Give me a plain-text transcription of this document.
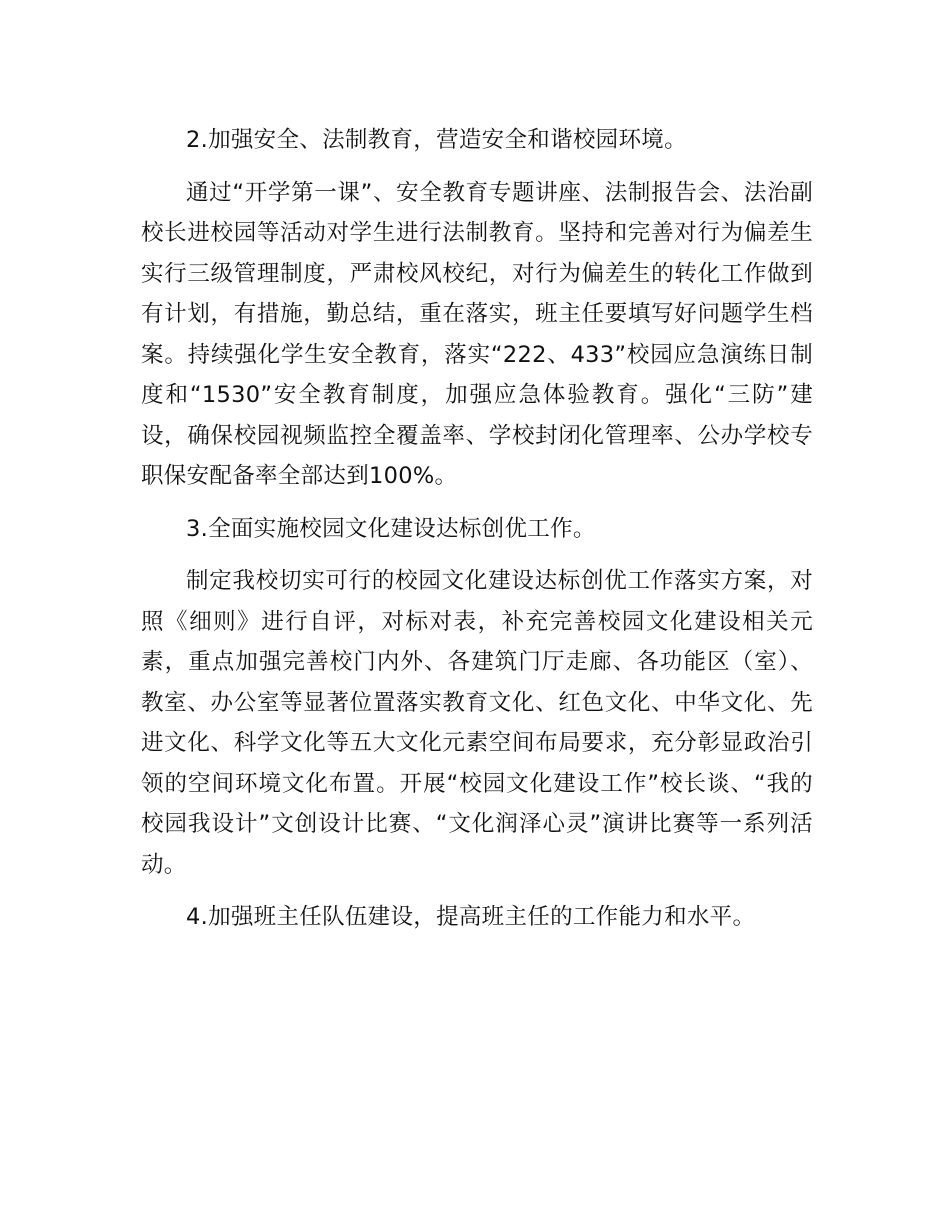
2.加强安全、法制教育，营造安全和谐校园环境。

通过“开学第一课”、安全教育专题讲座、法制报告会、法治副校长进校园等活动对学生进行法制教育。坚持和完善对行为偏差生实行三级管理制度，严肃校风校纪，对行为偏差生的转化工作做到有计划，有措施，勤总结，重在落实，班主任要填写好问题学生档案。持续强化学生安全教育，落实“222、433”校园应急演练日制度和“1530”安全教育制度，加强应急体验教育。强化“三防”建设，确保校园视频监控全覆盖率、学校封闭化管理率、公办学校专职保安配备率全部达到100%。

3.全面实施校园文化建设达标创优工作。

制定我校切实可行的校园文化建设达标创优工作落实方案，对照《细则》进行自评，对标对表，补充完善校园文化建设相关元素，重点加强完善校门内外、各建筑门厅走廊、各功能区（室）、教室、办公室等显著位置落实教育文化、红色文化、中华文化、先进文化、科学文化等五大文化元素空间布局要求，充分彰显政治引领的空间环境文化布置。开展“校园文化建设工作”校长谈、“我的校园我设计”文创设计比赛、“文化润泽心灵”演讲比赛等一系列活动。

4.加强班主任队伍建设，提高班主任的工作能力和水平。
